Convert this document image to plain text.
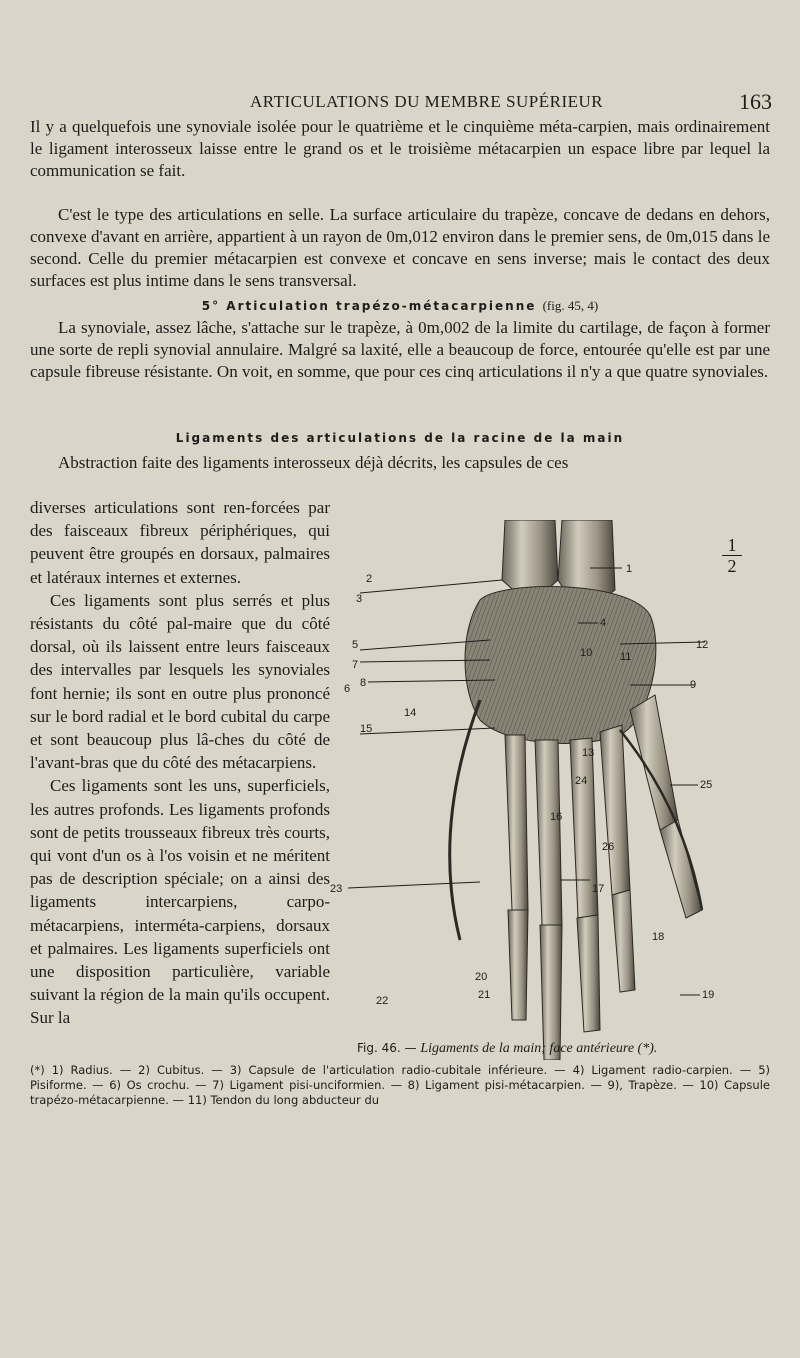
ARTICULATIONS DU MEMBRE SUPÉRIEUR	163

Il y a quelquefois une synoviale isolée pour le quatrième et le cinquième méta-carpien, mais ordinairement le ligament interosseux laisse entre le grand os et le troisième métacarpien un espace libre par lequel la communication se fait.

C'est le type des articulations en selle. La surface articulaire du trapèze, concave de dedans en dehors, convexe d'avant en arrière, appartient à un rayon de 0m,012 environ dans le premier sens, de 0m,015 dans le second. Celle du premier métacarpien est convexe et concave en sens inverse; mais le contact des deux surfaces est plus intime dans le sens transversal.

5° Articulation trapézo-métacarpienne (fig. 45, 4)

La synoviale, assez lâche, s'attache sur le trapèze, à 0m,002 de la limite du cartilage, de façon à former une sorte de repli synovial annulaire. Malgré sa laxité, elle a beaucoup de force, entourée qu'elle est par une capsule fibreuse résistante. On voit, en somme, que pour ces cinq articulations il n'y a que quatre synoviales.

Ligaments des articulations de la racine de la main

Abstraction faite des ligaments interosseux déjà décrits, les capsules de ces

diverses articulations sont ren-forcées par des faisceaux fibreux périphériques, qui peuvent être groupés en dorsaux, palmaires et latéraux internes et externes.

Ces ligaments sont plus serrés et plus résistants du côté pal-maire que du côté dorsal, où ils laissent entre leurs faisceaux des intervalles par lesquels les synoviales font hernie; ils sont en outre plus prononcé sur le bord radial et le bord cubital du carpe et sont beaucoup plus lâ-ches du côté de l'avant-bras que du côté des métacarpiens.

Ces ligaments sont les uns, superficiels, les autres profonds. Les ligaments profonds sont de petits trousseaux fibreux très courts, qui vont d'un os à l'os voisin et ne méritent pas de description spéciale; on a ainsi des ligaments intercarpiens, carpo-métacarpiens, interméta-carpiens, dorsaux et palmaires. Les ligaments superficiels ont une disposition particulière, variable suivant la région de la main qu'ils occupent. Sur la

1
2
3
4
5
6
7
8	9
10	11
12
13
14
15
16
17
18
19
20
21
22
23
24	25
26
1
2
Fig. 46. — Ligaments de la main; face antérieure (*).

(*) 1) Radius. — 2) Cubitus. — 3) Capsule de l'articulation radio-cubitale inférieure. — 4) Ligament radio-carpien. — 5) Pisiforme. — 6) Os crochu. — 7) Ligament pisi-unciformien. — 8) Ligament pisi-métacarpien. — 9), Trapèze. — 10) Capsule trapézo-métacarpienne. — 11) Tendon du long abducteur du
